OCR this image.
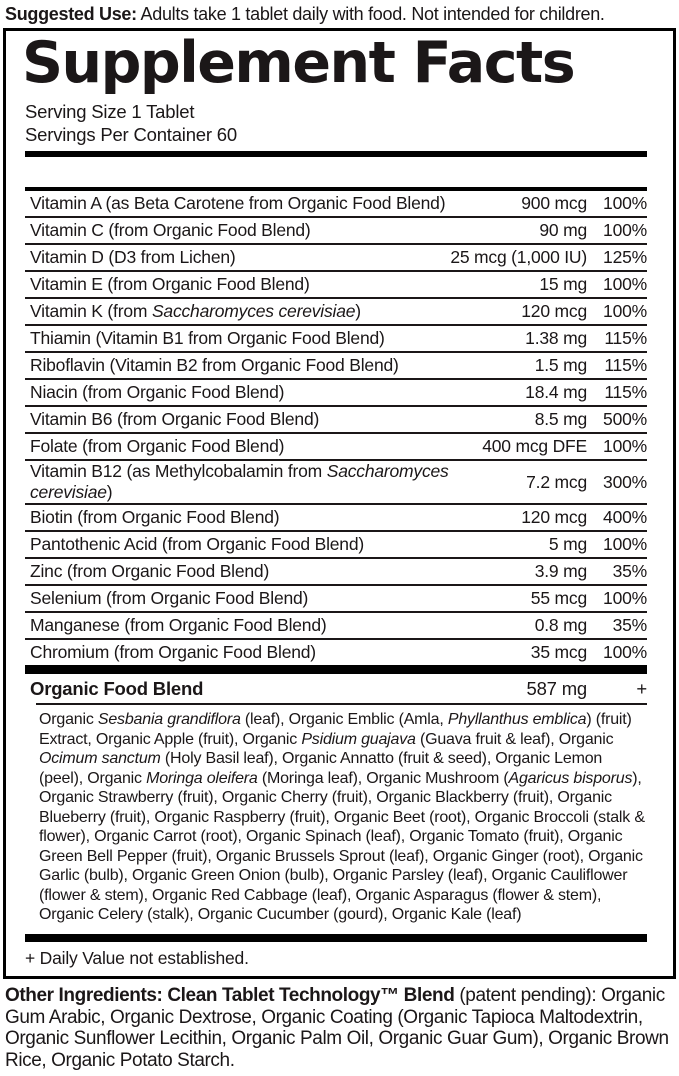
Suggested Use: Adults take 1 tablet daily with food. Not intended for children.

Supplement Facts
Serving Size 1 Tablet
Servings Per Container 60
Vitamin A (as Beta Carotene from Organic Food Blend)	900 mcg 100%
Vitamin C (from Organic Food Blend)	90 mg 100%
Vitamin D (D3 from Lichen)	25 mcg (1,000 IU) 125%
Vitamin E (from Organic Food Blend)	15 mg 100%
Vitamin K (from Saccharomyces cerevisiae)	120 mcg 100%
Thiamin (Vitamin B1 from Organic Food Blend)	1.38 mg 115%
Riboflavin (Vitamin B2 from Organic Food Blend)	1.5 mg 115%
Niacin (from Organic Food Blend)	18.4 mg 115%
Vitamin B6 (from Organic Food Blend)	8.5 mg 500%
Folate (from Organic Food Blend)	400 mcg DFE 100%
Vitamin B12 (as Methylcobalamin from Saccharomyces cerevisiae)
7.2 mcg 300%
Biotin (from Organic Food Blend)	120 mcg 400%
Pantothenic Acid (from Organic Food Blend)	5 mg 100%
Zinc (from Organic Food Blend)	3.9 mg	35%
Selenium (from Organic Food Blend)	55 mcg 100%
Manganese (from Organic Food Blend)	0.8 mg	35%
Chromium (from Organic Food Blend)	35 mcg 100%
Organic Food Blend	587 mg	+

Organic Sesbania grandiflora (leaf), Organic Emblic (Amla, Phyllanthus emblica) (fruit) Extract, Organic Apple (fruit), Organic Psidium guajava (Guava fruit & leaf), Organic Ocimum sanctum (Holy Basil leaf), Organic Annatto (fruit & seed), Organic Lemon (peel), Organic Moringa oleifera (Moringa leaf), Organic Mushroom (Agaricus bisporus), Organic Strawberry (fruit), Organic Cherry (fruit), Organic Blackberry (fruit), Organic Blueberry (fruit), Organic Raspberry (fruit), Organic Beet (root), Organic Broccoli (stalk & flower), Organic Carrot (root), Organic Spinach (leaf), Organic Tomato (fruit), Organic Green Bell Pepper (fruit), Organic Brussels Sprout (leaf), Organic Ginger (root), Organic Garlic (bulb), Organic Green Onion (bulb), Organic Parsley (leaf), Organic Cauliflower (flower & stem), Organic Red Cabbage (leaf), Organic Asparagus (flower & stem), Organic Celery (stalk), Organic Cucumber (gourd), Organic Kale (leaf)

+ Daily Value not established.

Other Ingredients: Clean Tablet Technology™ Blend (patent pending): Organic Gum Arabic, Organic Dextrose, Organic Coating (Organic Tapioca Maltodextrin, Organic Sunflower Lecithin, Organic Palm Oil, Organic Guar Gum), Organic Brown Rice, Organic Potato Starch.
